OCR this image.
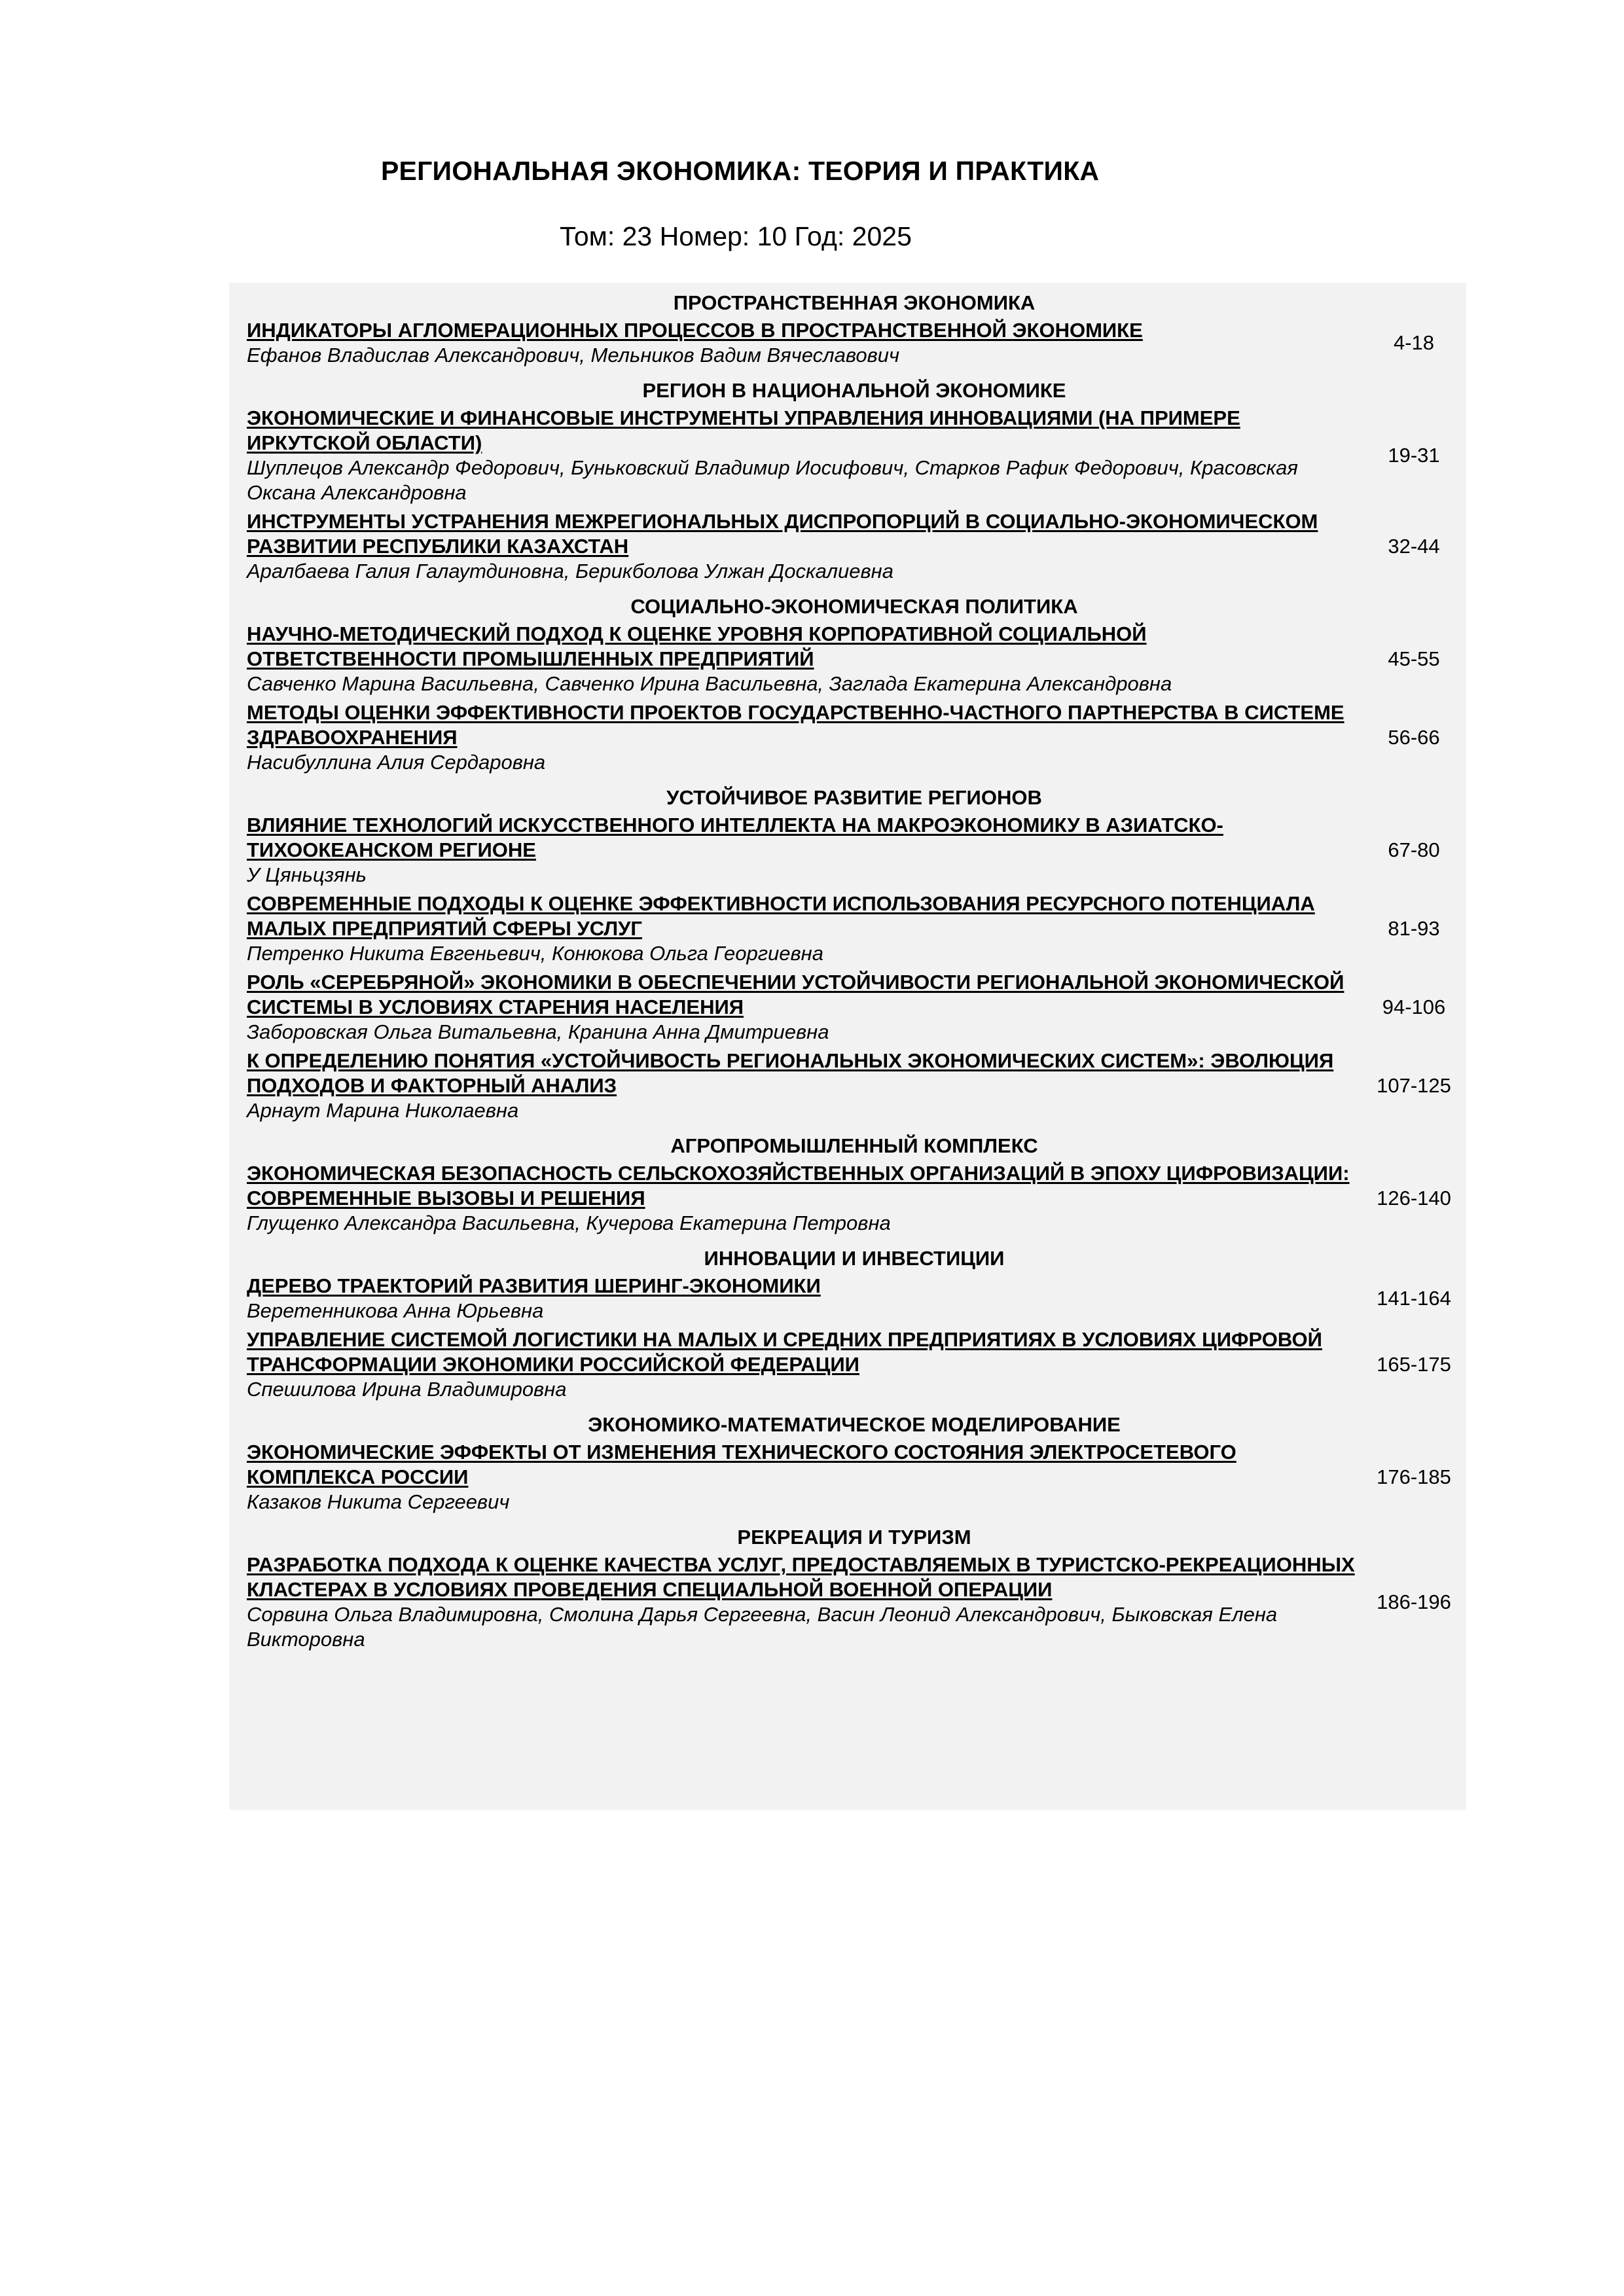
РЕГИОНАЛЬНАЯ ЭКОНОМИКА: ТЕОРИЯ И ПРАКТИКА
Том: 23 Номер: 10 Год: 2025
ПРОСТРАНСТВЕННАЯ ЭКОНОМИКА
ИНДИКАТОРЫ АГЛОМЕРАЦИОННЫХ ПРОЦЕССОВ В ПРОСТРАНСТВЕННОЙ ЭКОНОМИКЕ
Ефанов Владислав Александрович, Мельников Вадим Вячеславович
4-18
РЕГИОН В НАЦИОНАЛЬНОЙ ЭКОНОМИКЕ
ЭКОНОМИЧЕСКИЕ И ФИНАНСОВЫЕ ИНСТРУМЕНТЫ УПРАВЛЕНИЯ ИННОВАЦИЯМИ (НА ПРИМЕРЕ ИРКУТСКОЙ ОБЛАСТИ)
Шуплецов Александр Федорович, Буньковский Владимир Иосифович, Старков Рафик Федорович, Красовская Оксана Александровна
19-31
ИНСТРУМЕНТЫ УСТРАНЕНИЯ МЕЖРЕГИОНАЛЬНЫХ ДИСПРОПОРЦИЙ В СОЦИАЛЬНО-ЭКОНОМИЧЕСКОМ РАЗВИТИИ РЕСПУБЛИКИ КАЗАХСТАН
Аралбаева Галия Галаутдиновна, Берикболова Улжан Доскалиевна
32-44
СОЦИАЛЬНО-ЭКОНОМИЧЕСКАЯ ПОЛИТИКА
НАУЧНО-МЕТОДИЧЕСКИЙ ПОДХОД К ОЦЕНКЕ УРОВНЯ КОРПОРАТИВНОЙ СОЦИАЛЬНОЙ ОТВЕТСТВЕННОСТИ ПРОМЫШЛЕННЫХ ПРЕДПРИЯТИЙ
Савченко Марина Васильевна, Савченко Ирина Васильевна, Заглада Екатерина Александровна
45-55
МЕТОДЫ ОЦЕНКИ ЭФФЕКТИВНОСТИ ПРОЕКТОВ ГОСУДАРСТВЕННО-ЧАСТНОГО ПАРТНЕРСТВА В СИСТЕМЕ ЗДРАВООХРАНЕНИЯ
Насибуллина Алия Сердаровна
56-66
УСТОЙЧИВОЕ РАЗВИТИЕ РЕГИОНОВ
ВЛИЯНИЕ ТЕХНОЛОГИЙ ИСКУССТВЕННОГО ИНТЕЛЛЕКТА НА МАКРОЭКОНОМИКУ В АЗИАТСКО-ТИХООКЕАНСКОМ РЕГИОНЕ
У Цяньцзянь
67-80
СОВРЕМЕННЫЕ ПОДХОДЫ К ОЦЕНКЕ ЭФФЕКТИВНОСТИ ИСПОЛЬЗОВАНИЯ РЕСУРСНОГО ПОТЕНЦИАЛА МАЛЫХ ПРЕДПРИЯТИЙ СФЕРЫ УСЛУГ
Петренко Никита Евгеньевич, Конюкова Ольга Георгиевна
81-93
РОЛЬ «СЕРЕБРЯНОЙ» ЭКОНОМИКИ В ОБЕСПЕЧЕНИИ УСТОЙЧИВОСТИ РЕГИОНАЛЬНОЙ ЭКОНОМИЧЕСКОЙ СИСТЕМЫ В УСЛОВИЯХ СТАРЕНИЯ НАСЕЛЕНИЯ
Заборовская Ольга Витальевна, Кранина Анна Дмитриевна
94-106
К ОПРЕДЕЛЕНИЮ ПОНЯТИЯ «УСТОЙЧИВОСТЬ РЕГИОНАЛЬНЫХ ЭКОНОМИЧЕСКИХ СИСТЕМ»: ЭВОЛЮЦИЯ ПОДХОДОВ И ФАКТОРНЫЙ АНАЛИЗ
Арнаут Марина Николаевна
107-125
АГРОПРОМЫШЛЕННЫЙ КОМПЛЕКС
ЭКОНОМИЧЕСКАЯ БЕЗОПАСНОСТЬ СЕЛЬСКОХОЗЯЙСТВЕННЫХ ОРГАНИЗАЦИЙ В ЭПОХУ ЦИФРОВИЗАЦИИ: СОВРЕМЕННЫЕ ВЫЗОВЫ И РЕШЕНИЯ
Глущенко Александра Васильевна, Кучерова Екатерина Петровна
126-140
ИННОВАЦИИ И ИНВЕСТИЦИИ
ДЕРЕВО ТРАЕКТОРИЙ РАЗВИТИЯ ШЕРИНГ-ЭКОНОМИКИ
Веретенникова Анна Юрьевна
141-164
УПРАВЛЕНИЕ СИСТЕМОЙ ЛОГИСТИКИ НА МАЛЫХ И СРЕДНИХ ПРЕДПРИЯТИЯХ В УСЛОВИЯХ ЦИФРОВОЙ ТРАНСФОРМАЦИИ ЭКОНОМИКИ РОССИЙСКОЙ ФЕДЕРАЦИИ
Спешилова Ирина Владимировна
165-175
ЭКОНОМИКО-МАТЕМАТИЧЕСКОЕ МОДЕЛИРОВАНИЕ
ЭКОНОМИЧЕСКИЕ ЭФФЕКТЫ ОТ ИЗМЕНЕНИЯ ТЕХНИЧЕСКОГО СОСТОЯНИЯ ЭЛЕКТРОСЕТЕВОГО КОМПЛЕКСА РОССИИ
Казаков Никита Сергеевич
176-185
РЕКРЕАЦИЯ И ТУРИЗМ
РАЗРАБОТКА ПОДХОДА К ОЦЕНКЕ КАЧЕСТВА УСЛУГ, ПРЕДОСТАВЛЯЕМЫХ В ТУРИСТСКО-РЕКРЕАЦИОННЫХ КЛАСТЕРАХ В УСЛОВИЯХ ПРОВЕДЕНИЯ СПЕЦИАЛЬНОЙ ВОЕННОЙ ОПЕРАЦИИ
Сорвина Ольга Владимировна, Смолина Дарья Сергеевна, Васин Леонид Александрович, Быковская Елена Викторовна
186-196
